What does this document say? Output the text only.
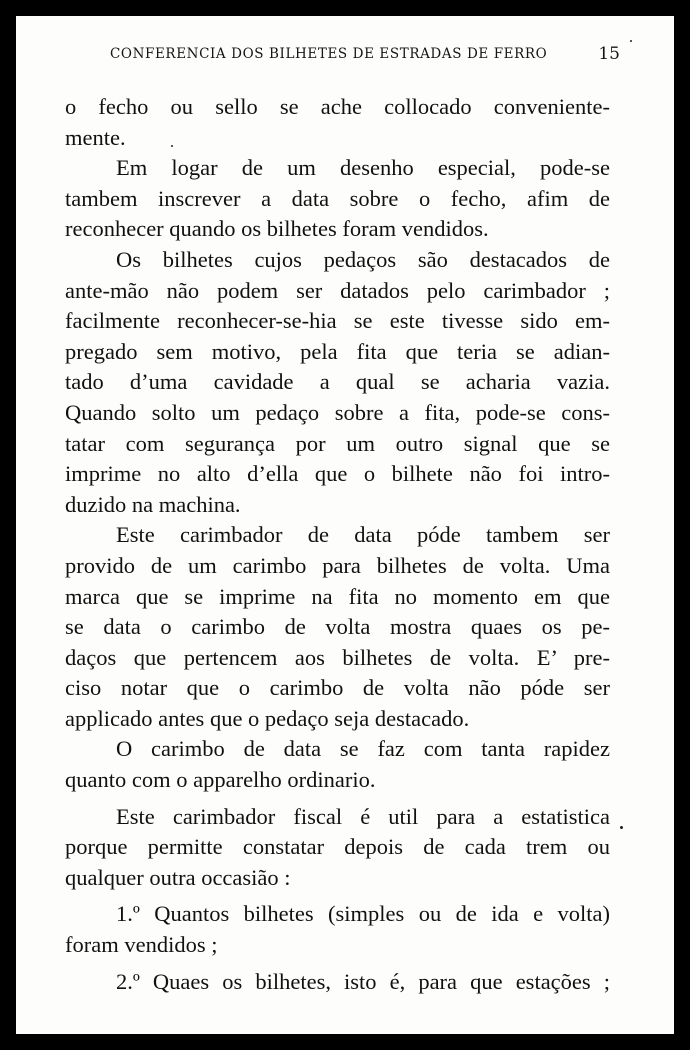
CONFERENCIA DOS BILHETES DE ESTRADAS DE FERRO	15
o fecho ou sello se ache collocado conveniente-
mente.
Em logar de um desenho especial, pode-se
tambem inscrever a data sobre o fecho, afim de
reconhecer quando os bilhetes foram vendidos.
Os bilhetes cujos pedaços são destacados de
ante-mão não podem ser datados pelo carimbador ;
facilmente reconhecer-se-hia se este tivesse sido em-
pregado sem motivo, pela fita que teria se adian-
tado d’uma cavidade a qual se acharia vazia.
Quando solto um pedaço sobre a fita, pode-se cons-
tatar com segurança por um outro signal que se
imprime no alto d’ella que o bilhete não foi intro-
duzido na machina.
Este carimbador de data póde tambem ser
provido de um carimbo para bilhetes de volta. Uma
marca que se imprime na fita no momento em que
se data o carimbo de volta mostra quaes os pe-
daços que pertencem aos bilhetes de volta. E’ pre-
ciso notar que o carimbo de volta não póde ser
applicado antes que o pedaço seja destacado.
O carimbo de data se faz com tanta rapidez
quanto com o apparelho ordinario.
Este carimbador fiscal é util para a estatistica
porque permitte constatar depois de cada trem ou
qualquer outra occasião :
1.º Quantos bilhetes (simples ou de ida e volta)
foram vendidos ;
2.º Quaes os bilhetes, isto é, para que estações ;
